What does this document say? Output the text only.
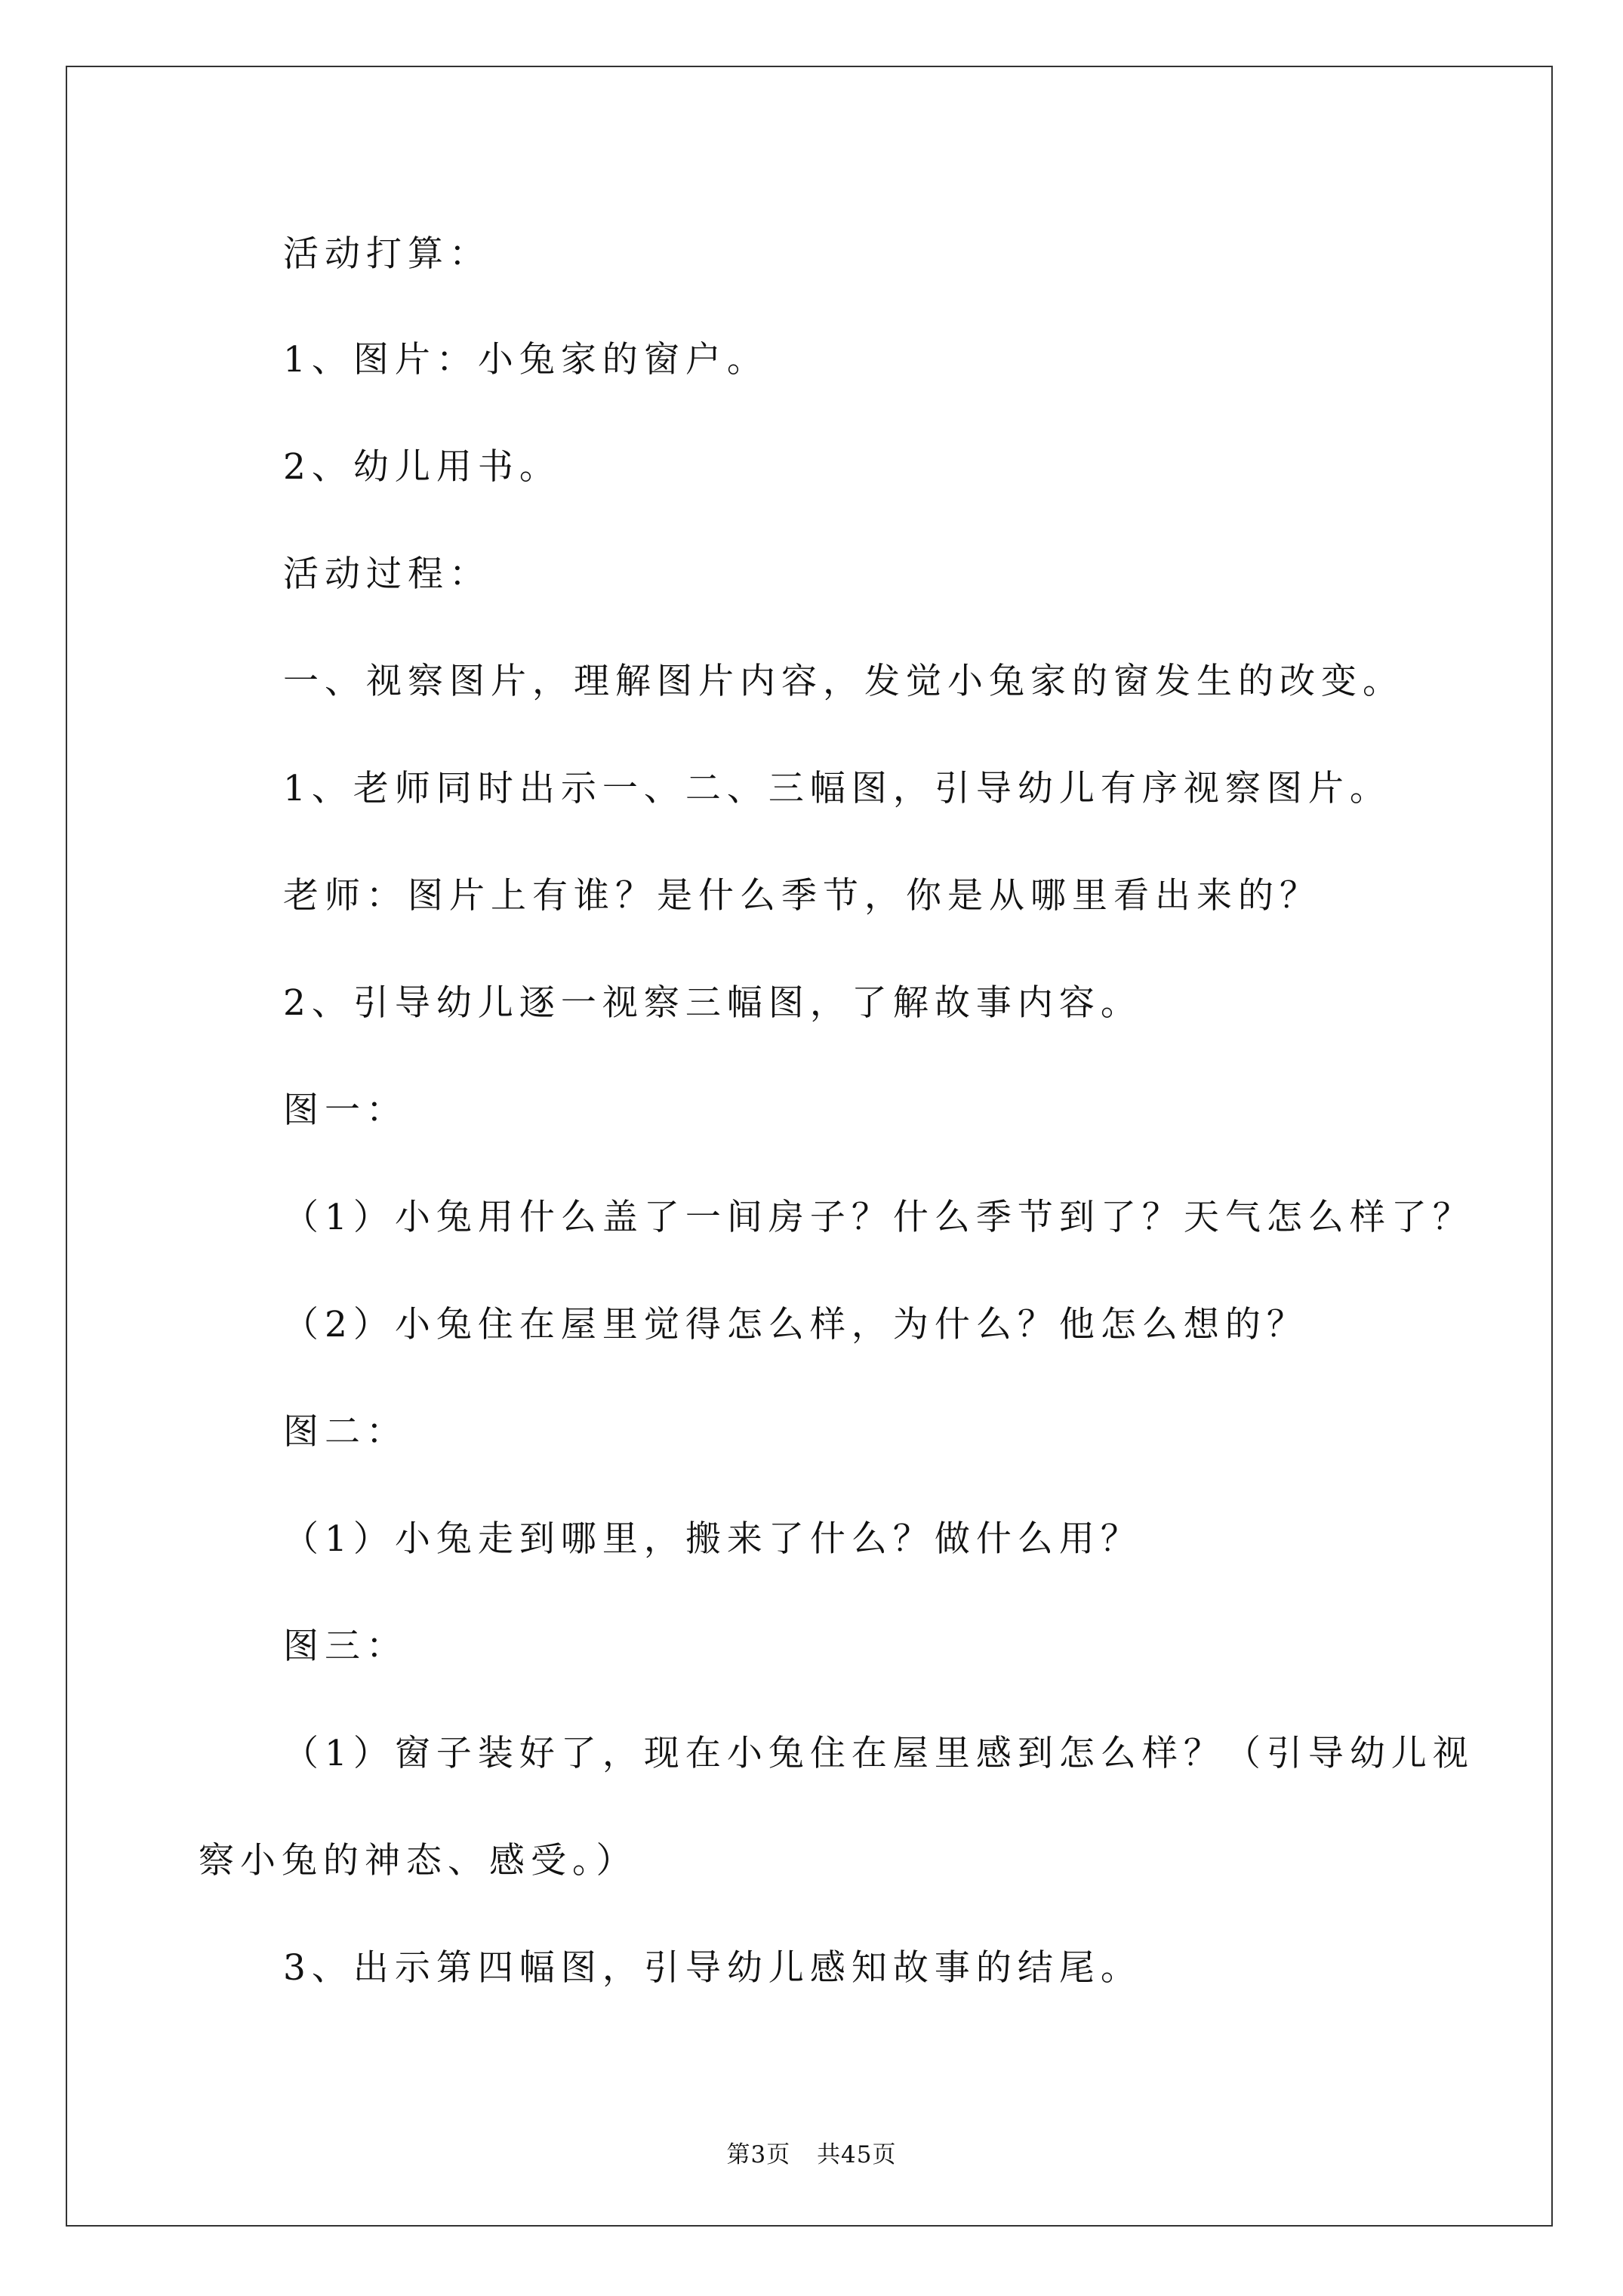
活动打算：
1、图片：小兔家的窗户。
2、幼儿用书。
活动过程：
一、视察图片，理解图片内容，发觉小兔家的窗发生的改变。
1、老师同时出示一、二、三幅图，引导幼儿有序视察图片。
老师：图片上有谁？是什么季节，你是从哪里看出来的？
2、引导幼儿逐一视察三幅图，了解故事内容。
图一：
（1）小兔用什么盖了一间房子？什么季节到了？天气怎么样了？
（2）小兔住在屋里觉得怎么样，为什么？他怎么想的？
图二：
（1）小兔走到哪里，搬来了什么？做什么用？
图三：
（1）窗子装好了，现在小兔住在屋里感到怎么样？（引导幼儿视
察小兔的神态、感受。）
3、出示第四幅图，引导幼儿感知故事的结尾。
第3页 共45页
